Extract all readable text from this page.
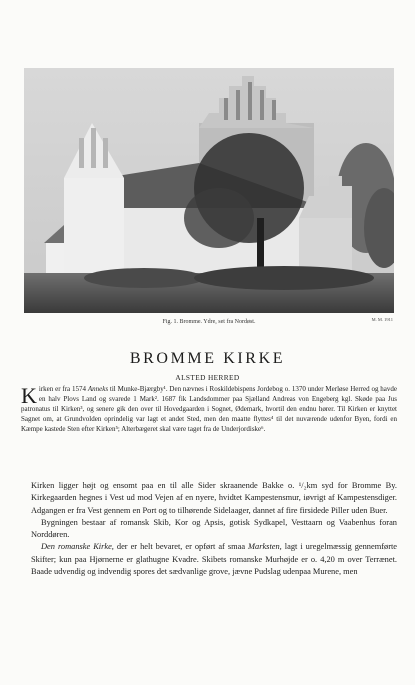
Fig. 1. Bromme. Ydre, set fra Nordøst.	M. M. 1911
BROMME KIRKE
ALSTED HERRED
Kirken er fra 1574 Anneks til Munke-Bjærgby¹. Den nævnes i Roskildebispens Jordebog o. 1370 under Merløse Herred og havde en halv Plovs Land og svarede 1 Mark². 1687 fik Landsdommer paa Sjælland Andreas von Engeberg kgl. Skøde paa Jus patronatus til Kirken³, og senere gik den over til Hovedgaarden i Sognet, Ødemark, hvortil den endnu hører. Til Kirken er knyttet Sagnet om, at Grundvolden oprindelig var lagt et andet Sted, men den maatte flyttes⁴ til det nuværende udenfor Byen, fordi en Kæmpe kastede Sten efter Kirken⁵; Alterbægeret skal være taget fra de Underjordiske⁶.

Kirken ligger højt og ensomt paa en til alle Sider skraanende Bakke o. ¹/₂km syd for Bromme By. Kirkegaarden hegnes i Vest ud mod Vejen af en nyere, hvidtet Kampestensmur, iøvrigt af Kampestensdiger. Adgangen er fra Vest gennem en Port og to tilhørende Sidelaager, dannet af fire firsidede Piller uden Buer.

Bygningen bestaar af romansk Skib, Kor og Apsis, gotisk Sydkapel, Vesttaarn og Vaabenhus foran Norddøren.

Den romanske Kirke, der er helt bevaret, er opført af smaa Marksten, lagt i uregelmæssig gennemførte Skifter; kun paa Hjørnerne er glathugne Kvadre. Skibets romanske Murhøjde er o. 4,20 m over Terrænet. Baade udvendig og indvendig spores det sædvanlige grove, jævne Pudslag udenpaa Murene, men
